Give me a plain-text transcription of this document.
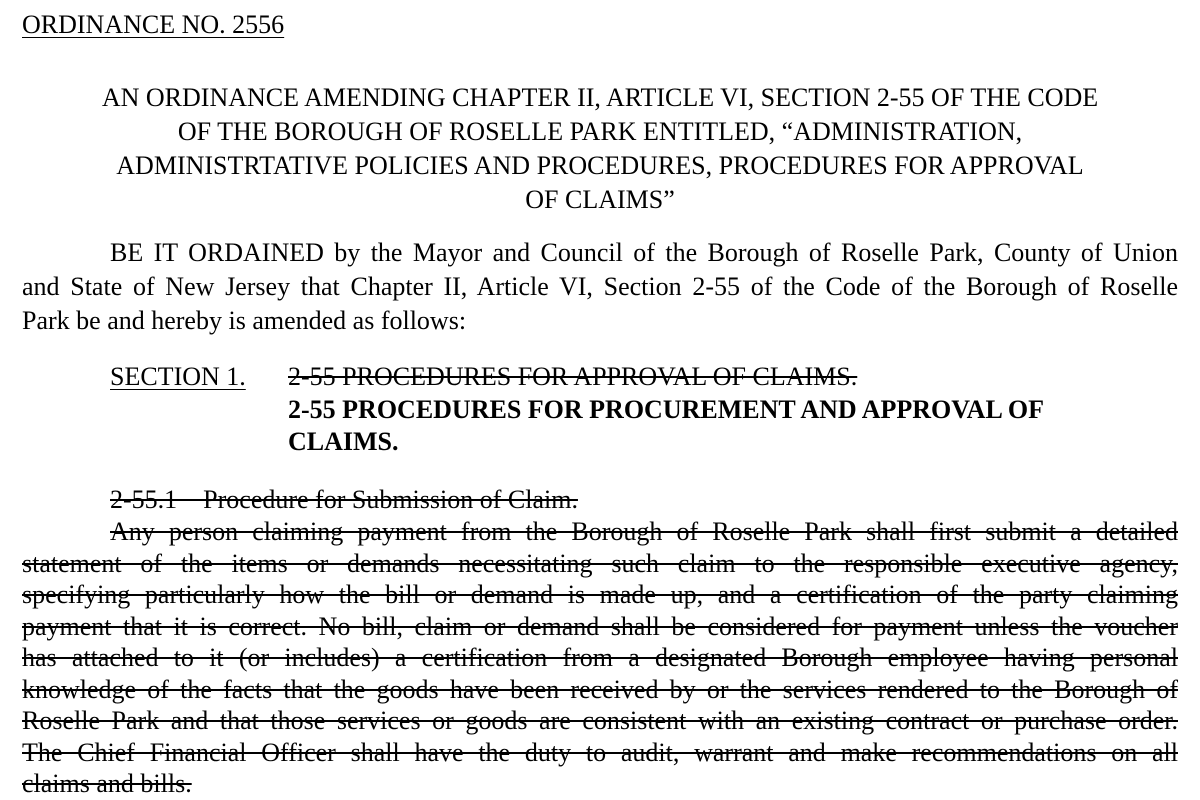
ORDINANCE NO. 2556
AN ORDINANCE AMENDING CHAPTER II, ARTICLE VI, SECTION 2-55 OF THE CODE
OF THE BOROUGH OF ROSELLE PARK ENTITLED, “ADMINISTRATION,
ADMINISTRTATIVE POLICIES AND PROCEDURES, PROCEDURES FOR APPROVAL
OF CLAIMS”
BE IT ORDAINED by the Mayor and Council of the Borough of Roselle Park, County of Union
and State of New Jersey that Chapter II, Article VI, Section 2-55 of the Code of the Borough of Roselle
Park be and hereby is amended as follows:
SECTION 1. 2-55 PROCEDURES FOR APPROVAL OF CLAIMS.
2-55 PROCEDURES FOR PROCUREMENT AND APPROVAL OF
CLAIMS.
2-55.1    Procedure for Submission of Claim.
Any person claiming payment from the Borough of Roselle Park shall first submit a detailed
statement of the items or demands necessitating such claim to the responsible executive agency,
specifying particularly how the bill or demand is made up, and a certification of the party claiming
payment that it is correct. No bill, claim or demand shall be considered for payment unless the voucher
has attached to it (or includes) a certification from a designated Borough employee having personal
knowledge of the facts that the goods have been received by or the services rendered to the Borough of
Roselle Park and that those services or goods are consistent with an existing contract or purchase order.
The Chief Financial Officer shall have the duty to audit, warrant and make recommendations on all
claims and bills.
